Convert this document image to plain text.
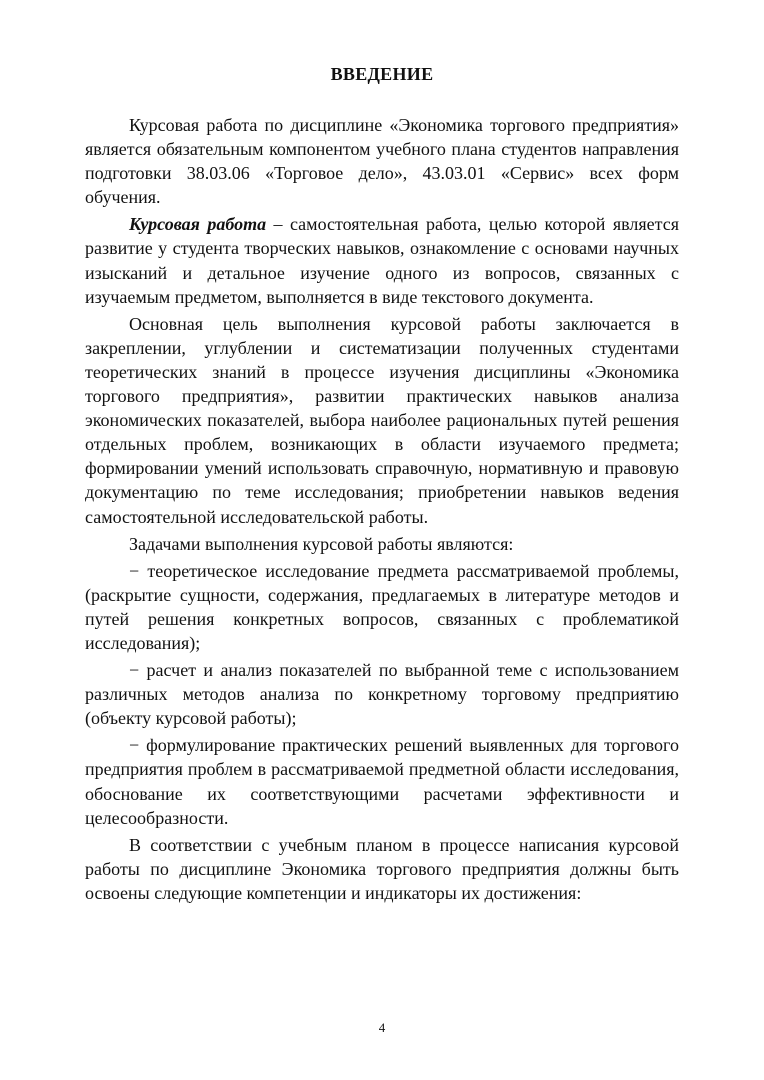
ВВЕДЕНИЕ

Курсовая работа по дисциплине «Экономика торгового предприятия» является обязательным компонентом учебного плана студентов направления подготовки 38.03.06 «Торговое дело», 43.03.01 «Сервис» всех форм обучения.

Курсовая работа – самостоятельная работа, целью которой является развитие у студента творческих навыков, ознакомление с основами научных изысканий и детальное изучение одного из вопросов, связанных с изучаемым предметом, выполняется в виде текстового документа.

Основная цель выполнения курсовой работы заключается в закреплении, углублении и систематизации полученных студентами теоретических знаний в процессе изучения дисциплины «Экономика торгового предприятия», развитии практических навыков анализа экономических показателей, выбора наиболее рациональных путей решения отдельных проблем, возникающих в области изучаемого предмета; формировании умений использовать справочную, нормативную и правовую документацию по теме исследования; приобретении навыков ведения самостоятельной исследовательской работы.

Задачами выполнения курсовой работы являются:

− теоретическое исследование предмета рассматриваемой проблемы, (раскрытие сущности, содержания, предлагаемых в литературе методов и путей решения конкретных вопросов, связанных с проблематикой исследования);

− расчет и анализ показателей по выбранной теме с использованием различных методов анализа по конкретному торговому предприятию (объекту курсовой работы);

− формулирование практических решений выявленных для торгового предприятия проблем в рассматриваемой предметной области исследования, обоснование их соответствующими расчетами эффективности и целесообразности.

В соответствии с учебным планом в процессе написания курсовой работы по дисциплине Экономика торгового предприятия должны быть освоены следующие компетенции и индикаторы их достижения:

4
